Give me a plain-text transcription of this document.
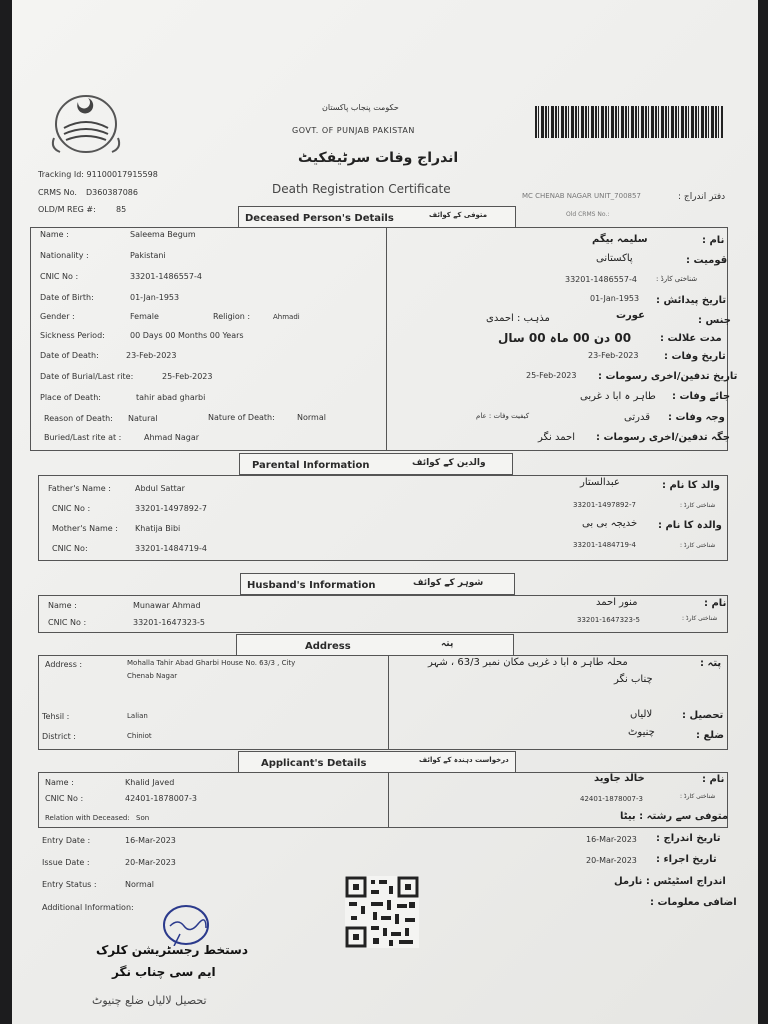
حکومت پنجاب پاکستان
GOVT. OF PUNJAB PAKISTAN
اندراج وفات سرٹیفکیٹ
Death Registration Certificate
Tracking Id: 91100017915598
CRMS No. D360387086
OLD/M REG #:	85
MC CHENAB NAGAR UNIT_700857	دفتر اندراج :
Old CRMS No.:
Deceased Person's Details	متوفی کے کوائف
Name :	Saleema Begum
Nationality :	Pakistani
CNIC No :	33201-1486557-4
Date of Birth:	01-Jan-1953
Gender :	Female	Religion :	Ahmadi
Sickness Period:	00 Days 00 Months 00 Years
Date of Death:	23-Feb-2023
Date of Burial/Last rite:	25-Feb-2023
Place of Death:	tahir abad gharbi
Reason of Death: Natural	Nature of Death:	Normal
Buried/Last rite at :	Ahmad Nagar
نام :
سلیمہ بیگم
قومیت :
پاکستانی
شناختی کارڈ :
33201-1486557-4
تاریخ پیدائش :
01-Jan-1953
جنس :
عورت
مذہب : احمدی
مدت علالت :
00 دن 00 ماہ 00 سال
تاریخ وفات :
23-Feb-2023
تاریخ تدفین/اخری رسومات :
25-Feb-2023
جائے وفات :
طاہر ہ ابا د غربی
وجہ وفات :
قدرتی
کیفیت وفات : عام
جگہ تدفین/اخری رسومات :
احمد نگر
Parental Information	والدین کے کوائف
Father's Name :	Abdul Sattar
CNIC No :	33201-1497892-7
Mother's Name : Khatija Bibi
CNIC No:	33201-1484719-4
والد کا نام :
عبدالستار
شناختی کارڈ :
33201-1497892-7
والدہ کا نام :
خدیجہ بی بی
شناختی کارڈ :
33201-1484719-4
Husband's Information	شوہر کے کوائف
Name :	Munawar Ahmad
CNIC No :	33201-1647323-5
نام :
منور احمد
شناختی کارڈ :
33201-1647323-5
Address	پتہ
Address :	Mohalla Tahir Abad Gharbi House No. 63/3 , City
Chenab Nagar
Tehsil :	Lalian
District :	Chiniot
پتہ :
محلہ طاہر ہ ابا د غربی مکان نمبر 63/3 ، شہر
چناب نگر
تحصیل :
لالیاں
ضلع :
چنیوٹ
Applicant's Details	درخواست دہندہ کے کوائف
Name :	Khalid Javed
CNIC No :	42401-1878007-3
Relation with Deceased: Son
نام :
خالد جاوید
شناختی کارڈ :
42401-1878007-3
متوفی سے رشتہ : بیٹا
Entry Date :	16-Mar-2023
Issue Date :	20-Mar-2023
Entry Status :	Normal
Additional Information:
تاریخ اندراج :
16-Mar-2023
تاریخ اجراء :
20-Mar-2023
اندراج اسٹیٹس : نارمل
اضافی معلومات :
دستخط رجسٹریشن کلرک
ایم سی چناب نگر
تحصیل لالیاں ضلع چنیوٹ
